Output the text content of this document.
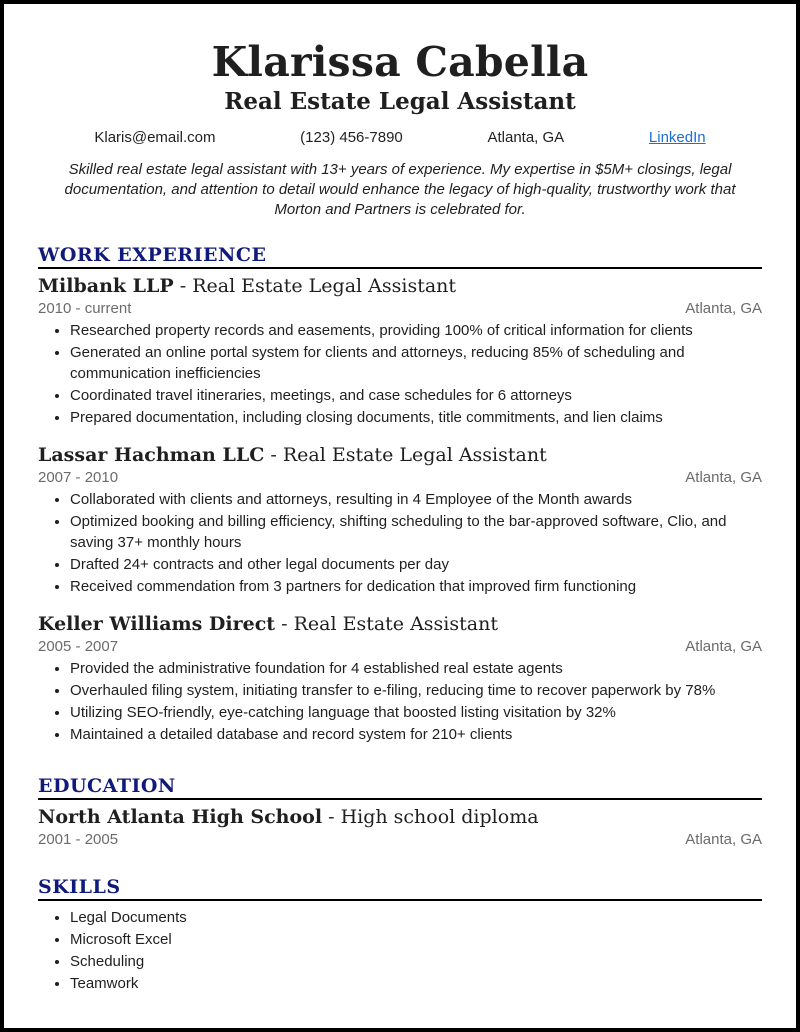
Klarissa Cabella
Real Estate Legal Assistant
Klaris@email.com	(123) 456-7890	Atlanta, GA	LinkedIn

Skilled real estate legal assistant with 13+ years of experience. My expertise in $5M+ closings, legal documentation, and attention to detail would enhance the legacy of high-quality, trustworthy work that Morton and Partners is celebrated for.

WORK EXPERIENCE

Milbank LLP - Real Estate Legal Assistant

2010 - current	Atlanta, GA
• Researched property records and easements, providing 100% of critical information for clients
• Generated an online portal system for clients and attorneys, reducing 85% of scheduling and communication inefficiencies
• Coordinated travel itineraries, meetings, and case schedules for 6 attorneys
• Prepared documentation, including closing documents, title commitments, and lien claims

Lassar Hachman LLC - Real Estate Legal Assistant

2007 - 2010	Atlanta, GA
• Collaborated with clients and attorneys, resulting in 4 Employee of the Month awards
• Optimized booking and billing efficiency, shifting scheduling to the bar-approved software, Clio, and saving 37+ monthly hours
• Drafted 24+ contracts and other legal documents per day
• Received commendation from 3 partners for dedication that improved firm functioning

Keller Williams Direct - Real Estate Assistant

2005 - 2007	Atlanta, GA
• Provided the administrative foundation for 4 established real estate agents
• Overhauled filing system, initiating transfer to e-filing, reducing time to recover paperwork by 78%
• Utilizing SEO-friendly, eye-catching language that boosted listing visitation by 32%
• Maintained a detailed database and record system for 210+ clients
EDUCATION

North Atlanta High School - High school diploma

2001 - 2005	Atlanta, GA
SKILLS
• Legal Documents
• Microsoft Excel
• Scheduling
• Teamwork
